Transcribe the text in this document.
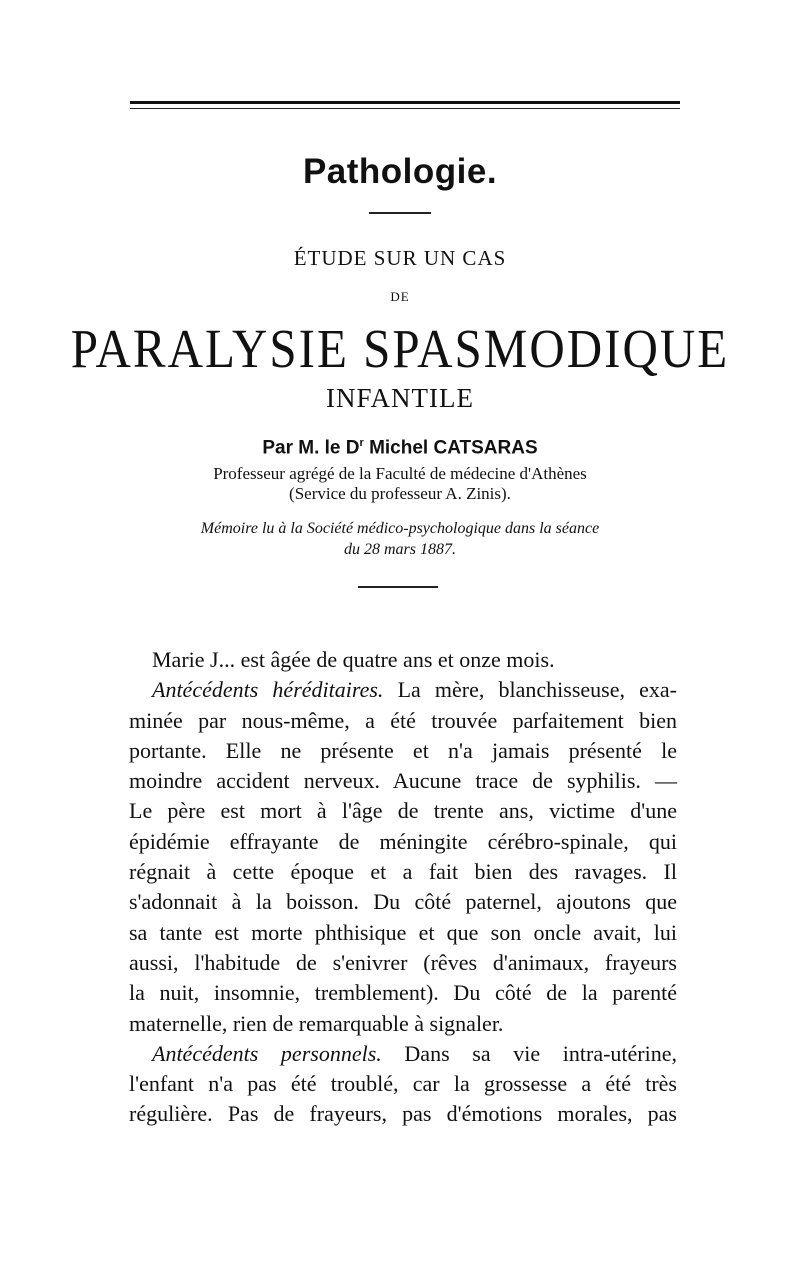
Pathologie.
ÉTUDE SUR UN CAS
DE
PARALYSIE SPASMODIQUE
INFANTILE
Par M. le $D^r$ Michel CATSARAS
Professeur agrégé de la Faculté de médecine d'Athènes
(Service du professeur A. Zinis).
Mémoire lu à la Société médico-psychologique dans la séance
du 28 mars 1887.
Marie J... est âgée de quatre ans et onze mois.
Antécédents héréditaires. La mère, blanchisseuse, exa-
minée par nous-même, a été trouvée parfaitement bien
portante. Elle ne présente et n'a jamais présenté le
moindre accident nerveux. Aucune trace de syphilis. —
Le père est mort à l'âge de trente ans, victime d'une
épidémie effrayante de méningite cérébro-spinale, qui
régnait à cette époque et a fait bien des ravages. Il
s'adonnait à la boisson. Du côté paternel, ajoutons que
sa tante est morte phthisique et que son oncle avait, lui
aussi, l'habitude de s'enivrer (rêves d'animaux, frayeurs
la nuit, insomnie, tremblement). Du côté de la parenté
maternelle, rien de remarquable à signaler.
Antécédents personnels. Dans sa vie intra-utérine,
l'enfant n'a pas été troublé, car la grossesse a été très
régulière. Pas de frayeurs, pas d'émotions morales, pas
